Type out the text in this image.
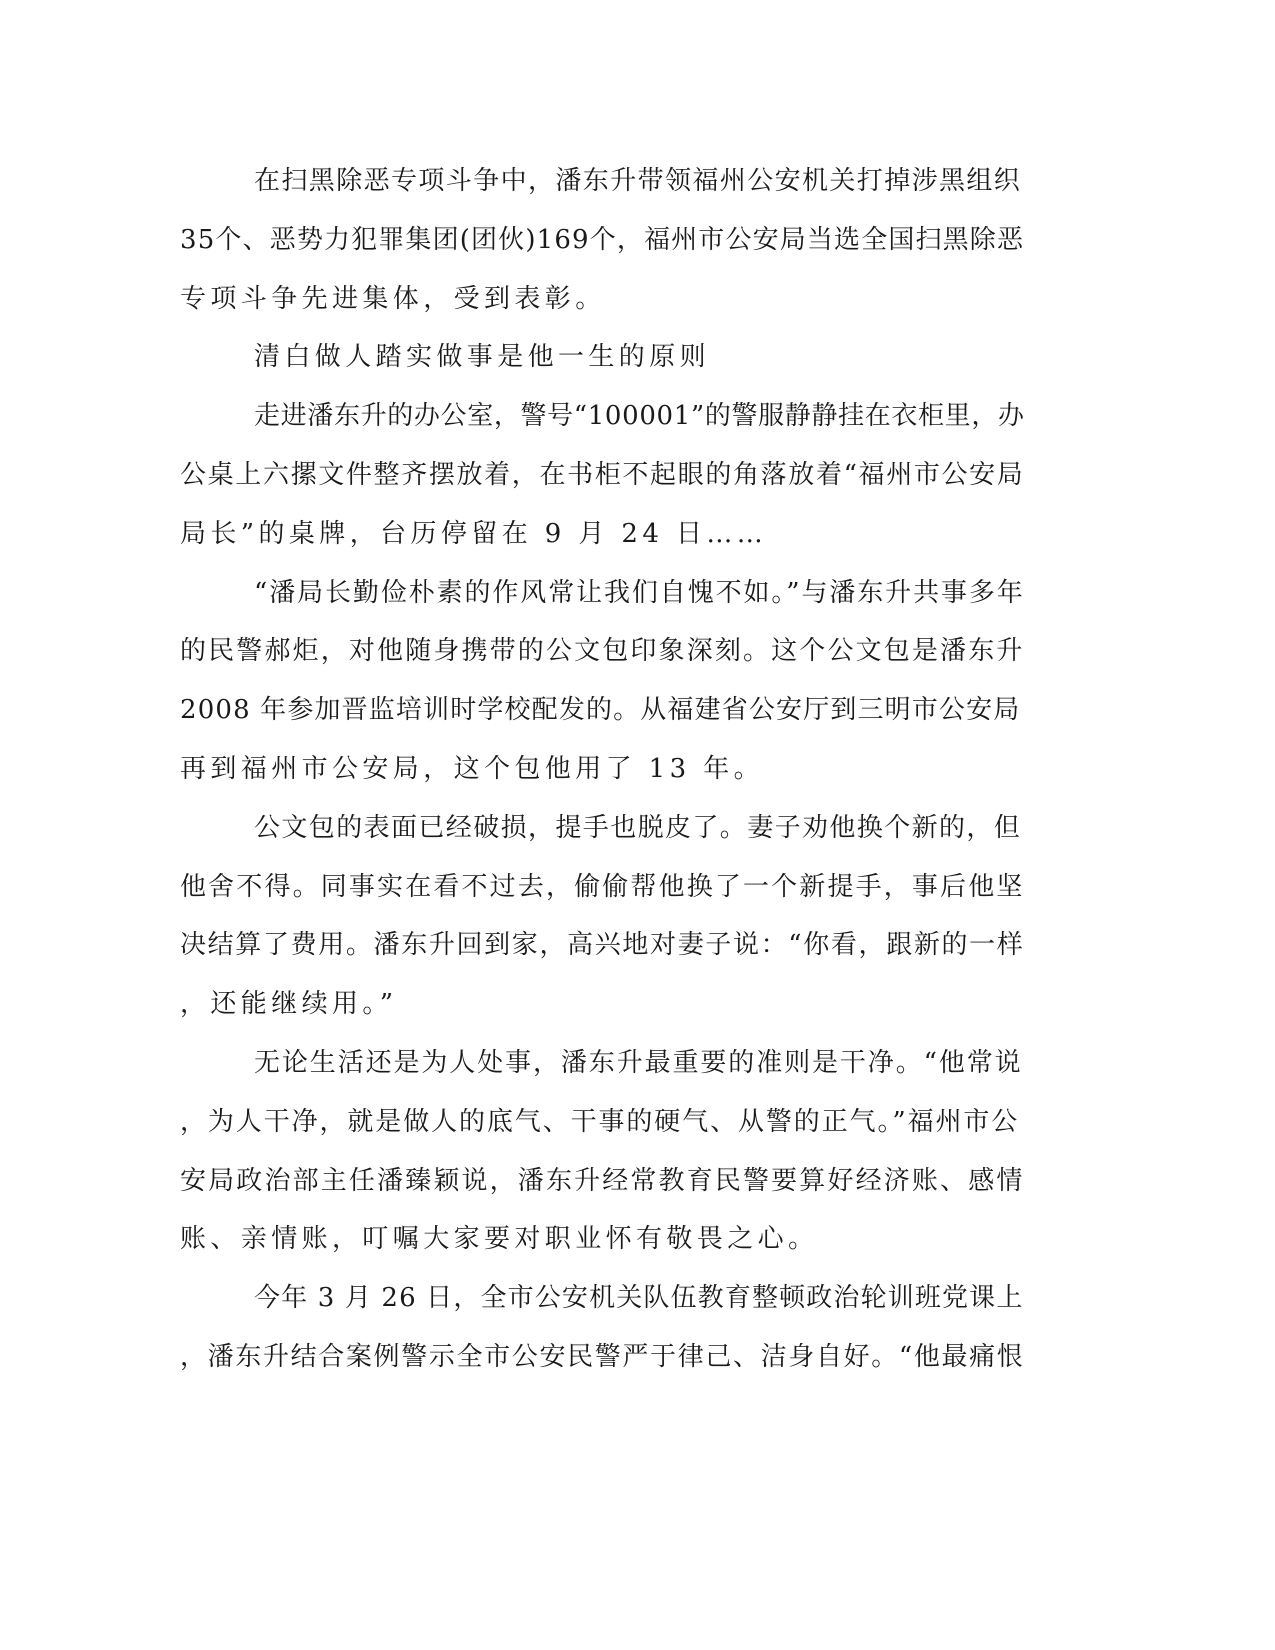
在扫黑除恶专项斗争中，潘东升带领福州公安机关打掉涉黑组织
35个、恶势力犯罪集团(团伙)169个，福州市公安局当选全国扫黑除恶
专项斗争先进集体，受到表彰。
清白做人踏实做事是他一生的原则
走进潘东升的办公室，警号“100001”的警服静静挂在衣柜里，办
公桌上六摞文件整齐摆放着，在书柜不起眼的角落放着“福州市公安局
局长”的桌牌，台历停留在 9 月 24 日……
“潘局长勤俭朴素的作风常让我们自愧不如。”与潘东升共事多年
的民警郝炬，对他随身携带的公文包印象深刻。这个公文包是潘东升
2008 年参加晋监培训时学校配发的。从福建省公安厅到三明市公安局
再到福州市公安局，这个包他用了 13 年。
公文包的表面已经破损，提手也脱皮了。妻子劝他换个新的，但
他舍不得。同事实在看不过去，偷偷帮他换了一个新提手，事后他坚
决结算了费用。潘东升回到家，高兴地对妻子说：“你看，跟新的一样
，还能继续用。”
无论生活还是为人处事，潘东升最重要的准则是干净。“他常说
，为人干净，就是做人的底气、干事的硬气、从警的正气。”福州市公
安局政治部主任潘臻颖说，潘东升经常教育民警要算好经济账、感情
账、亲情账，叮嘱大家要对职业怀有敬畏之心。
今年 3 月 26 日，全市公安机关队伍教育整顿政治轮训班党课上
，潘东升结合案例警示全市公安民警严于律己、洁身自好。“他最痛恨
